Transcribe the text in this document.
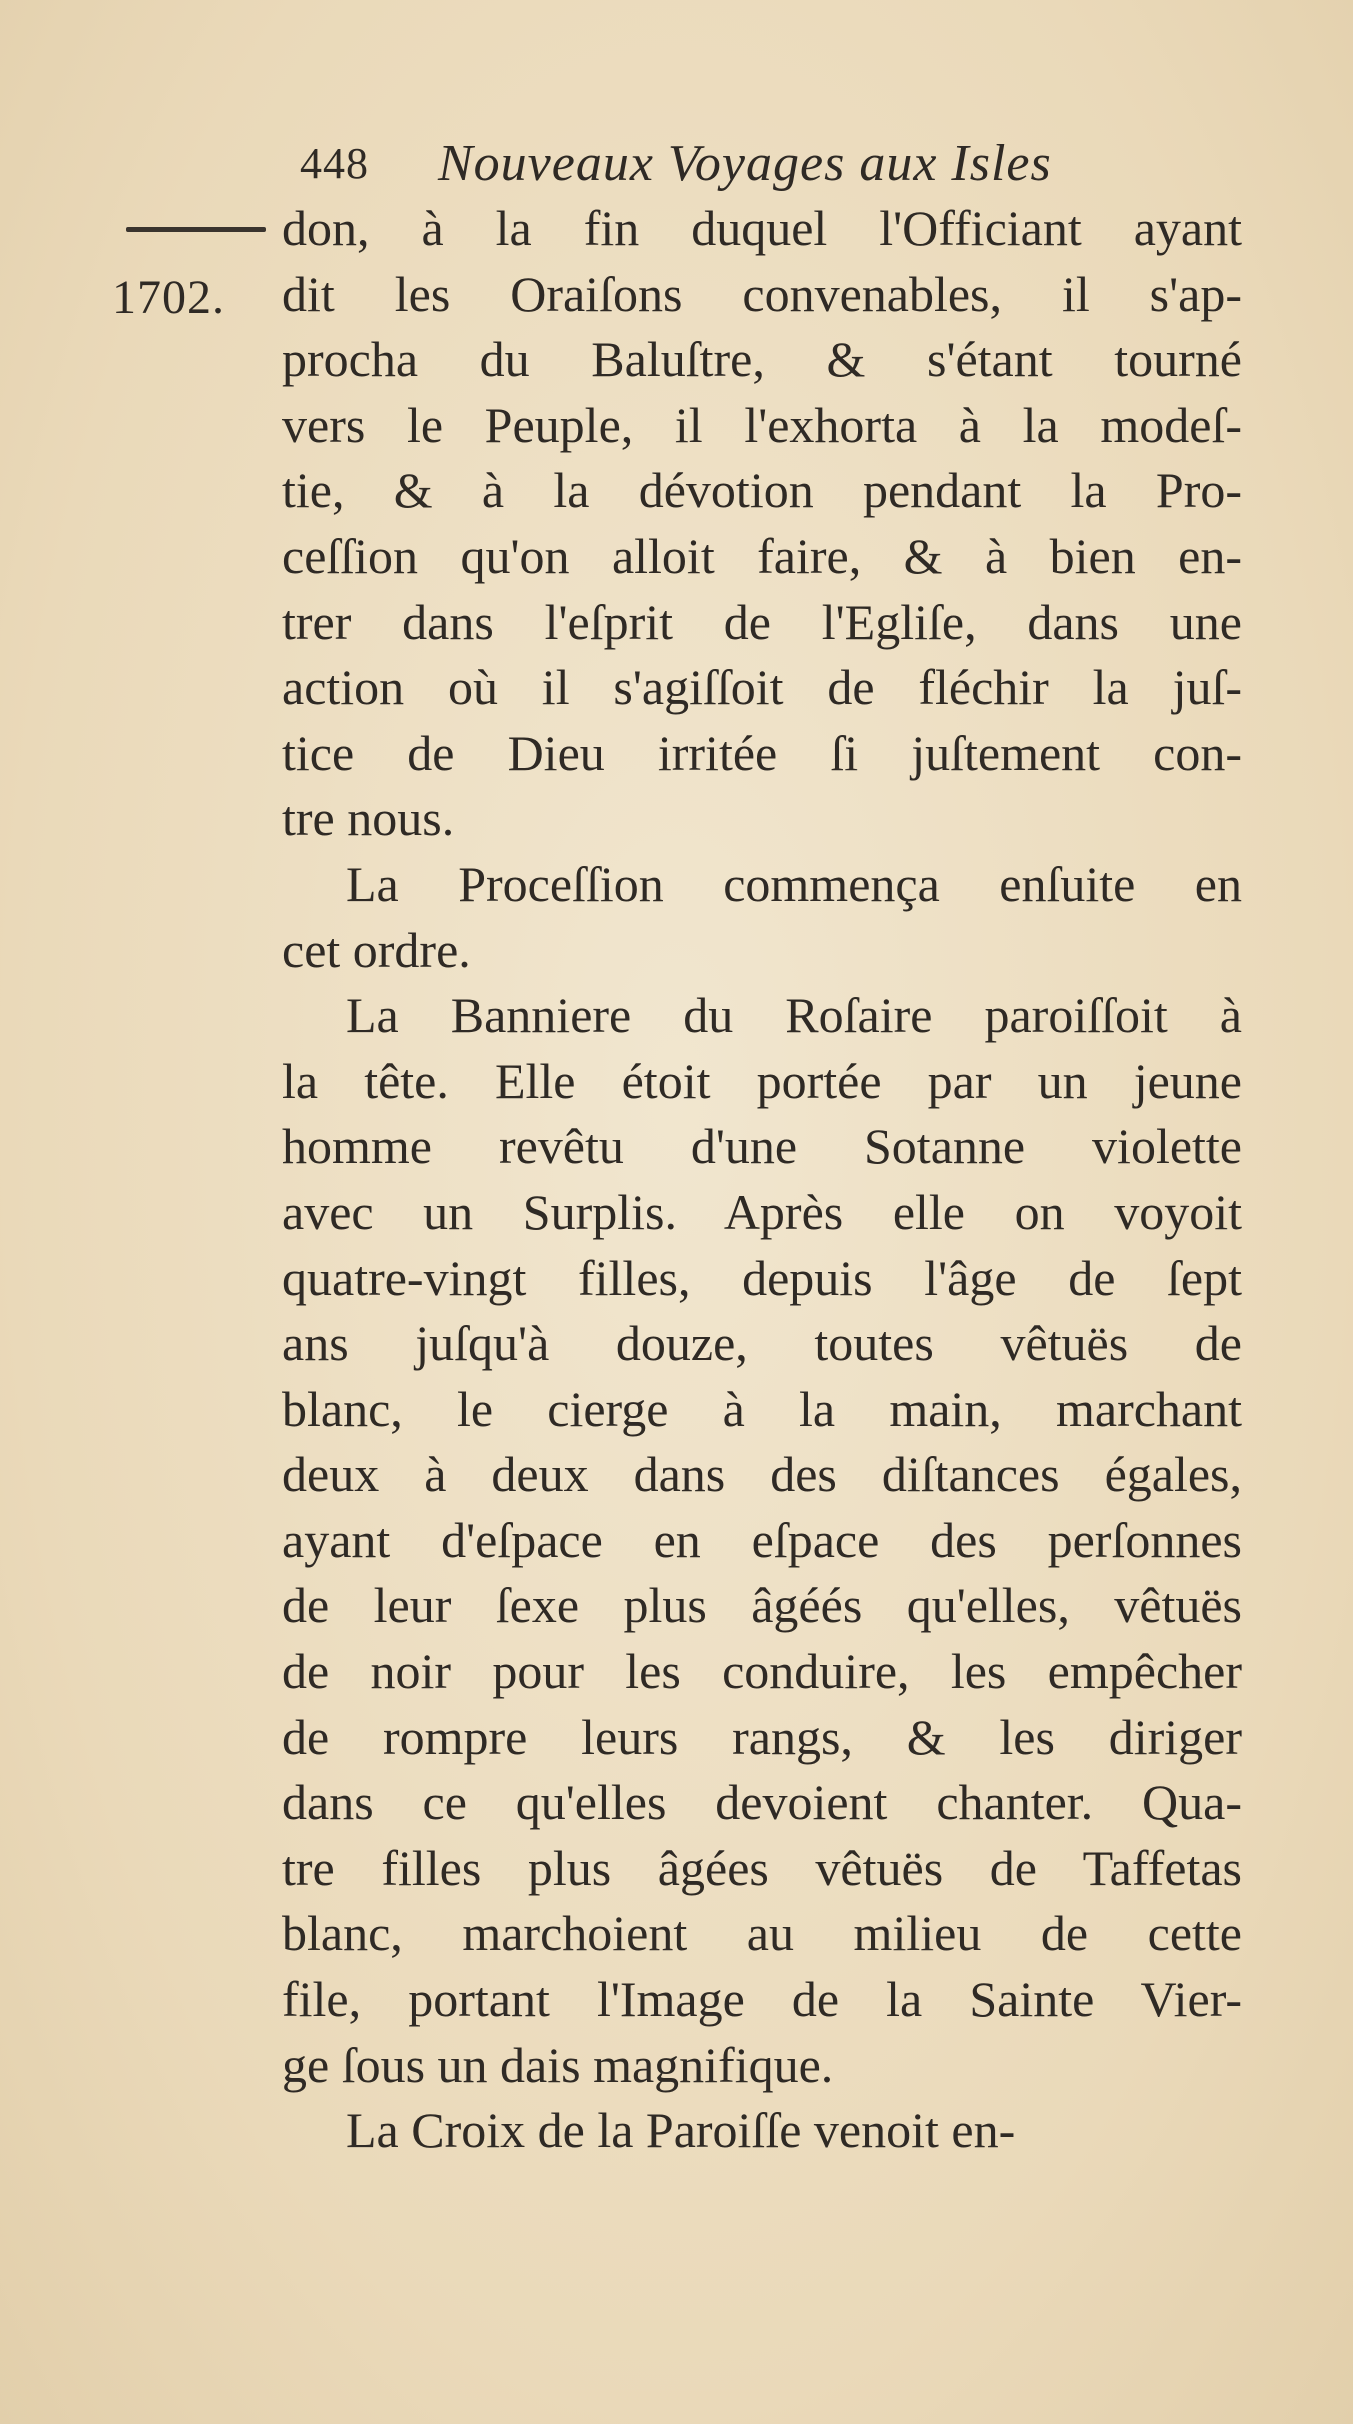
448 Nouveaux Voyages aux Isles
1702.
don, à la fin duquel l'Officiant ayant
dit les Oraiſons convenables, il s'ap-
procha du Baluſtre, & s'étant tourné
vers le Peuple, il l'exhorta à la modeſ-
tie, & à la dévotion pendant la Pro-
ceſſion qu'on alloit faire, & à bien en-
trer dans l'eſprit de l'Egliſe, dans une
action où il s'agiſſoit de fléchir la juſ-
tice de Dieu irritée ſi juſtement con-
tre nous.
La Proceſſion commença enſuite en
cet ordre.
La Banniere du Roſaire paroiſſoit à
la tête. Elle étoit portée par un jeune
homme revêtu d'une Sotanne violette
avec un Surplis. Après elle on voyoit
quatre-vingt filles, depuis l'âge de ſept
ans juſqu'à douze, toutes vêtuës de
blanc, le cierge à la main, marchant
deux à deux dans des diſtances égales,
ayant d'eſpace en eſpace des perſonnes
de leur ſexe plus âgéés qu'elles, vêtuës
de noir pour les conduire, les empêcher
de rompre leurs rangs, & les diriger
dans ce qu'elles devoient chanter. Qua-
tre filles plus âgées vêtuës de Taffetas
blanc, marchoient au milieu de cette
file, portant l'Image de la Sainte Vier-
ge ſous un dais magnifique.
La Croix de la Paroiſſe venoit en-
